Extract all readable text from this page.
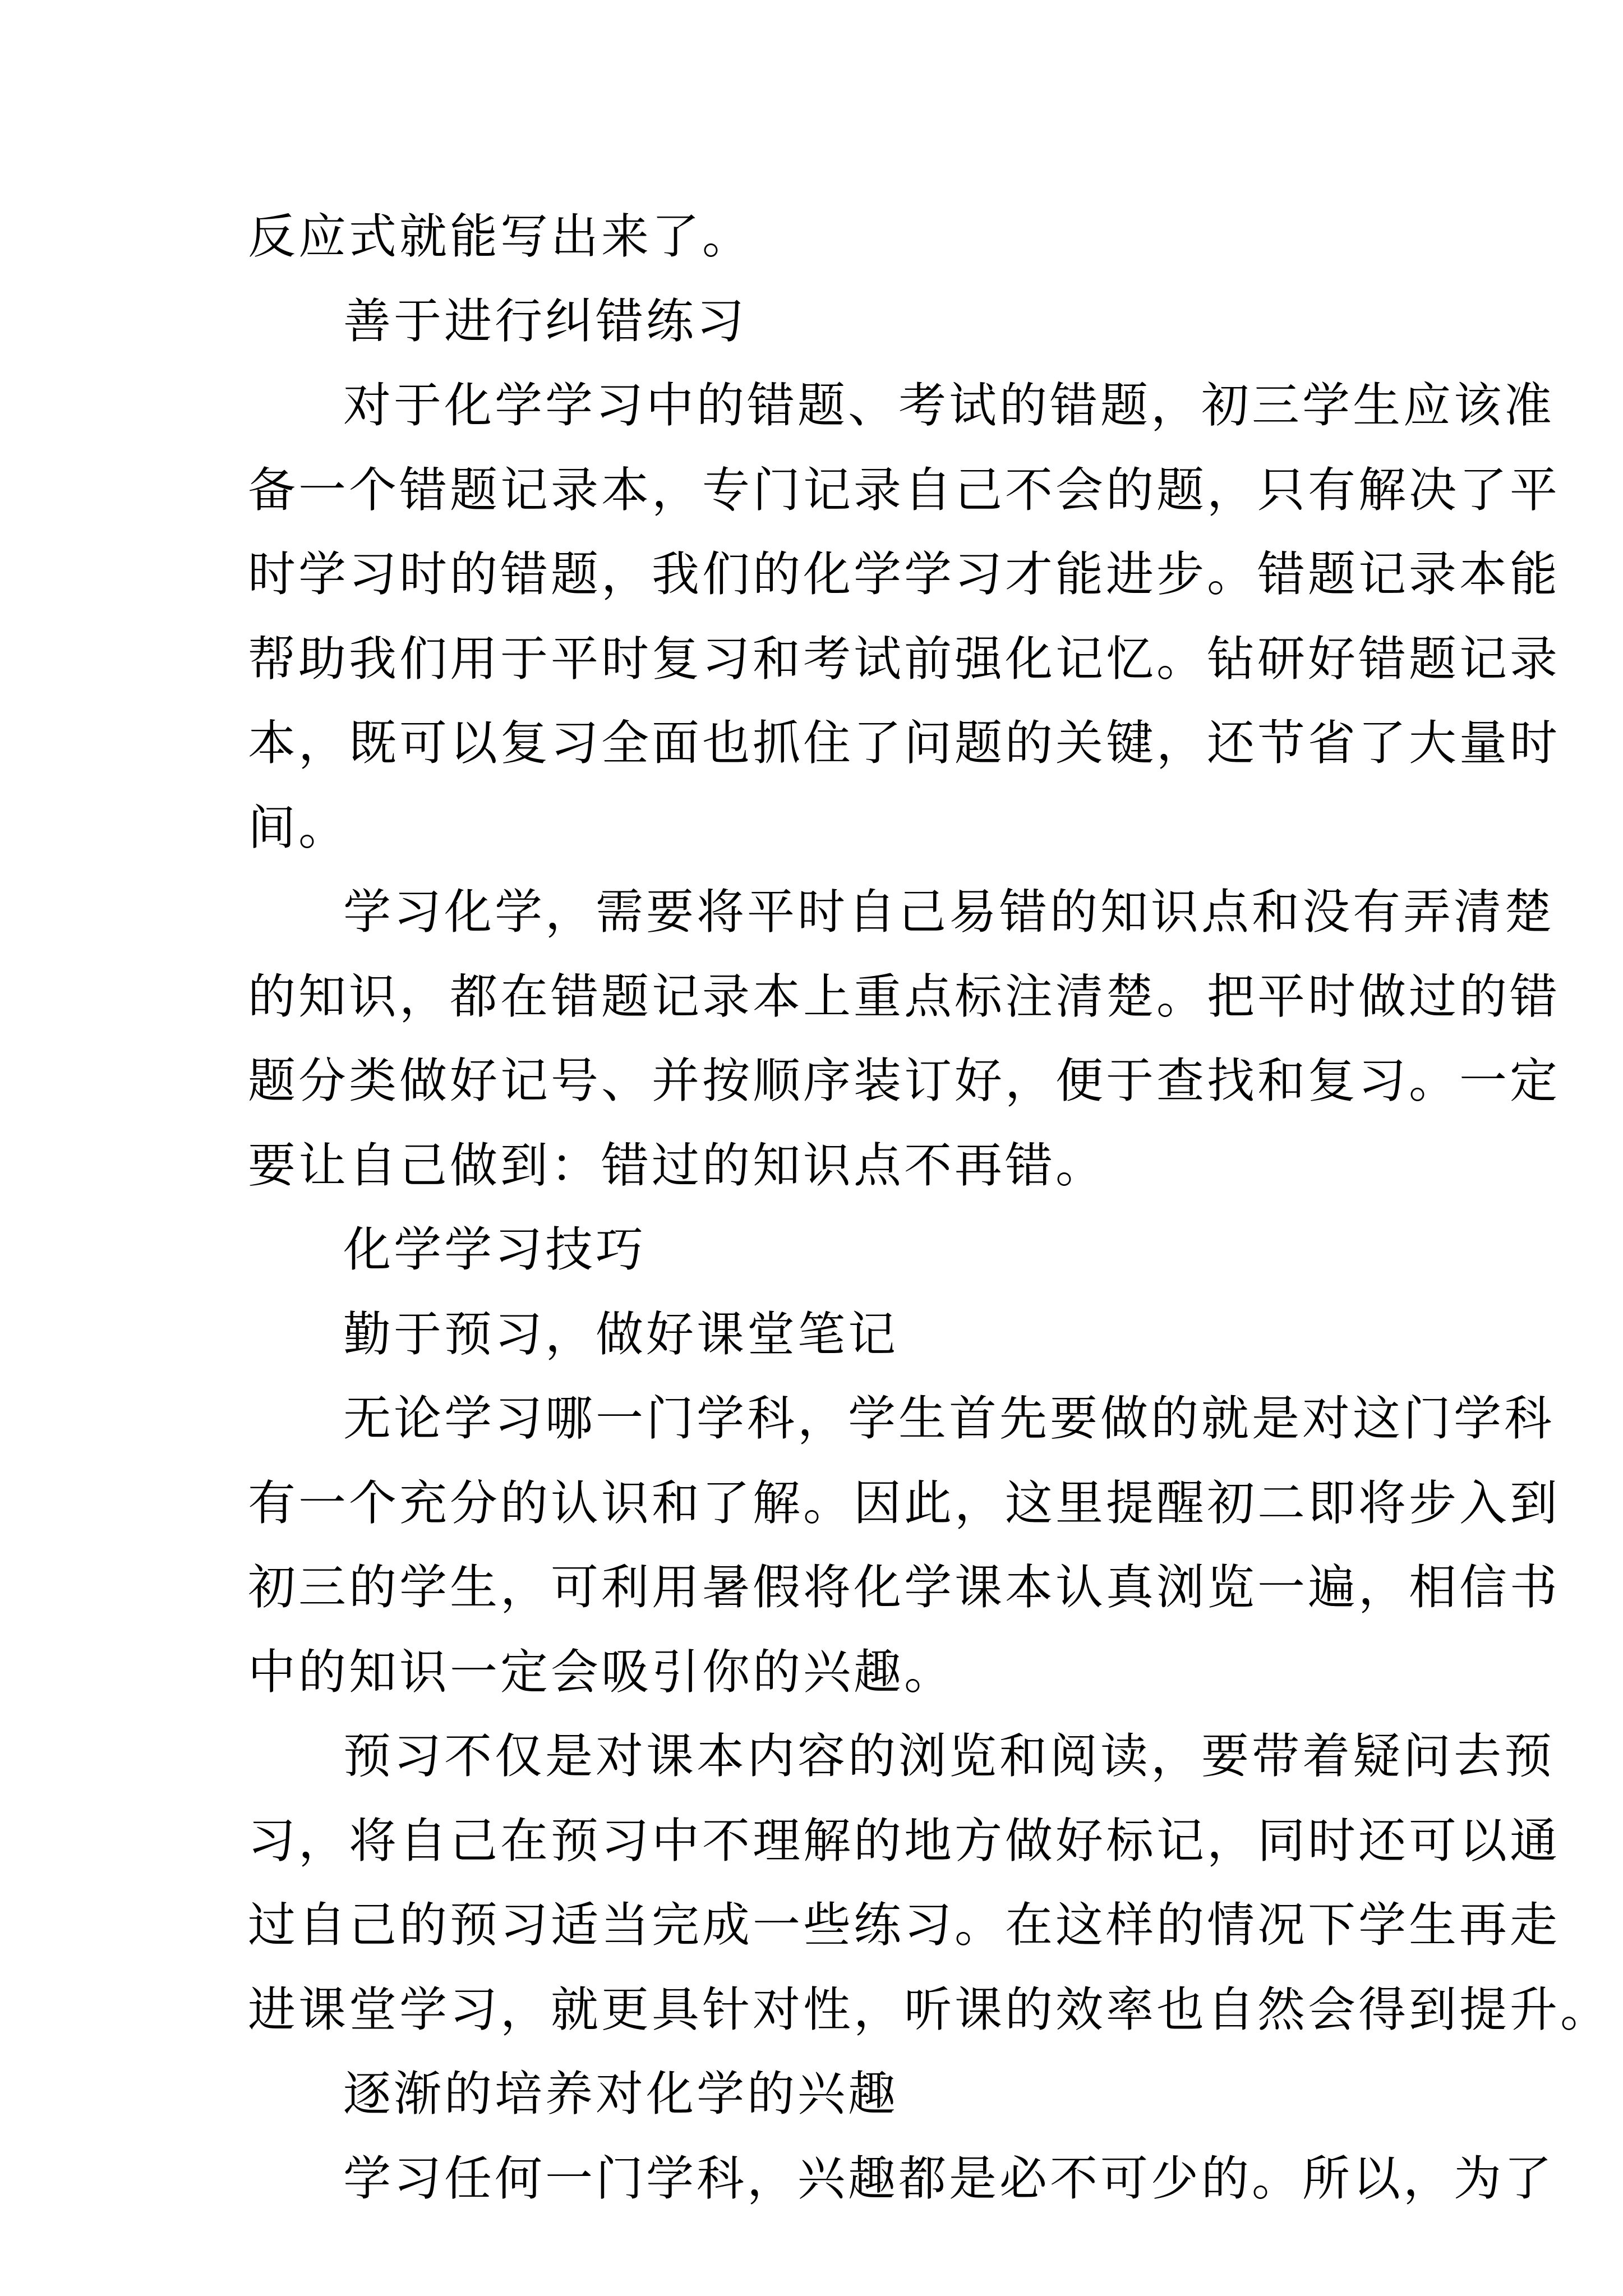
反应式就能写出来了。
善于进行纠错练习
对于化学学习中的错题、考试的错题，初三学生应该准
备一个错题记录本，专门记录自己不会的题，只有解决了平
时学习时的错题，我们的化学学习才能进步。错题记录本能
帮助我们用于平时复习和考试前强化记忆。钻研好错题记录
本，既可以复习全面也抓住了问题的关键，还节省了大量时
间。
学习化学，需要将平时自己易错的知识点和没有弄清楚
的知识，都在错题记录本上重点标注清楚。把平时做过的错
题分类做好记号、并按顺序装订好，便于查找和复习。一定
要让自己做到：错过的知识点不再错。
化学学习技巧
勤于预习，做好课堂笔记
无论学习哪一门学科，学生首先要做的就是对这门学科
有一个充分的认识和了解。因此，这里提醒初二即将步入到
初三的学生，可利用暑假将化学课本认真浏览一遍，相信书
中的知识一定会吸引你的兴趣。
预习不仅是对课本内容的浏览和阅读，要带着疑问去预
习，将自己在预习中不理解的地方做好标记，同时还可以通
过自己的预习适当完成一些练习。在这样的情况下学生再走
进课堂学习，就更具针对性，听课的效率也自然会得到提升。
逐渐的培养对化学的兴趣
学习任何一门学科，兴趣都是必不可少的。所以，为了
